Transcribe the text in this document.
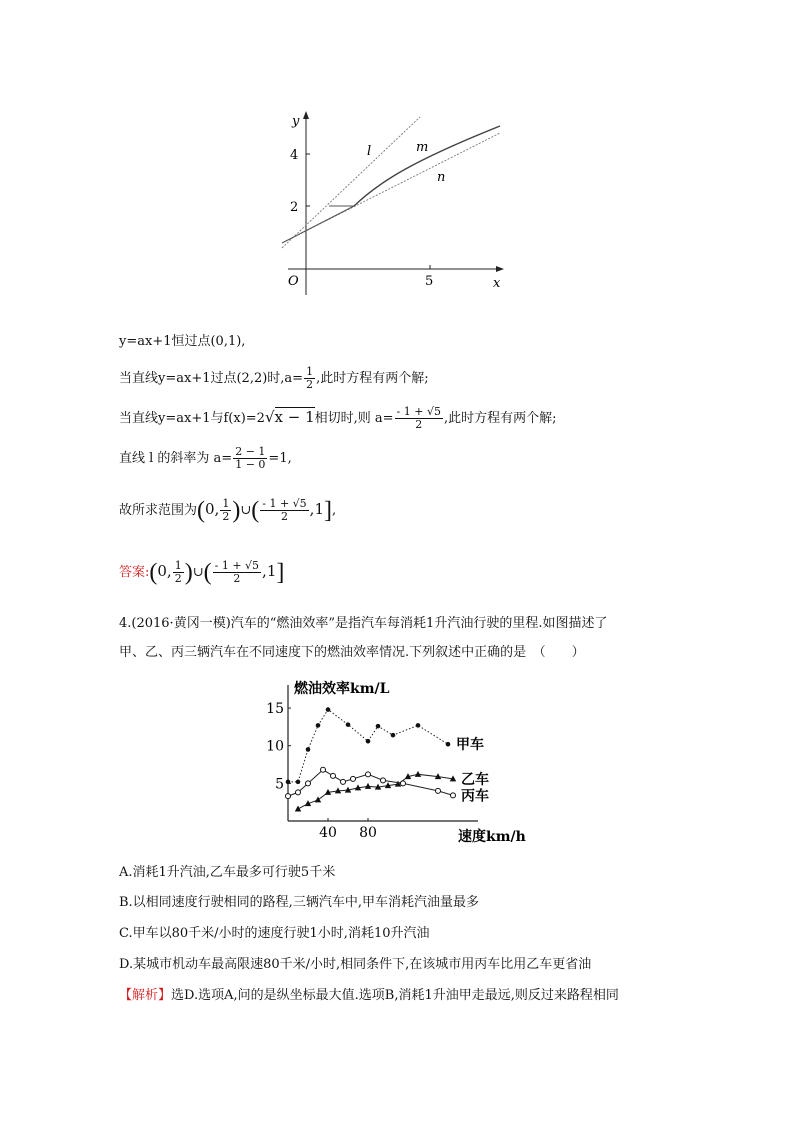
y
x
O
4
2
5
l	m
n
y=ax+1恒过点(0,1),
当直线y=ax+1过点(2,2)时$,a= \frac{1}{2}$ ,此时方程有两个解;
当直线y=ax+1与f(x)=2√x − 1相切时,则 $a= \frac{- 1 + √5}{2}$ ,此时方程有两个解;
直线 l 的斜率为 $a= \frac{2 - 1}{1 - 0} =1$,
故所求范围为(0, $\frac{1}{2}$ )∪( $\frac{- 1 + √5}{2} ,1$],
答案:(0, $\frac{1}{2}$ )∪( $\frac{- 1 + √5}{2} ,1$]
4.(2016·黄冈一模)汽车的“燃油效率”是指汽车每消耗1升汽油行驶的里程.如图描述了
甲、乙、丙三辆汽车在不同速度下的燃油效率情况.下列叙述中正确的是　（　　）
5
10
15
40 80
甲车
乙车
丙车
燃油效率km/L
速度km/h
A.消耗1升汽油,乙车最多可行驶5千米
B.以相同速度行驶相同的路程,三辆汽车中,甲车消耗汽油量最多
C.甲车以80千米/小时的速度行驶1小时,消耗10升汽油
D.某城市机动车最高限速80千米/小时,相同条件下,在该城市用丙车比用乙车更省油
【解析】选D.选项A,问的是纵坐标最大值.选项B,消耗1升油甲走最远,则反过来路程相同
